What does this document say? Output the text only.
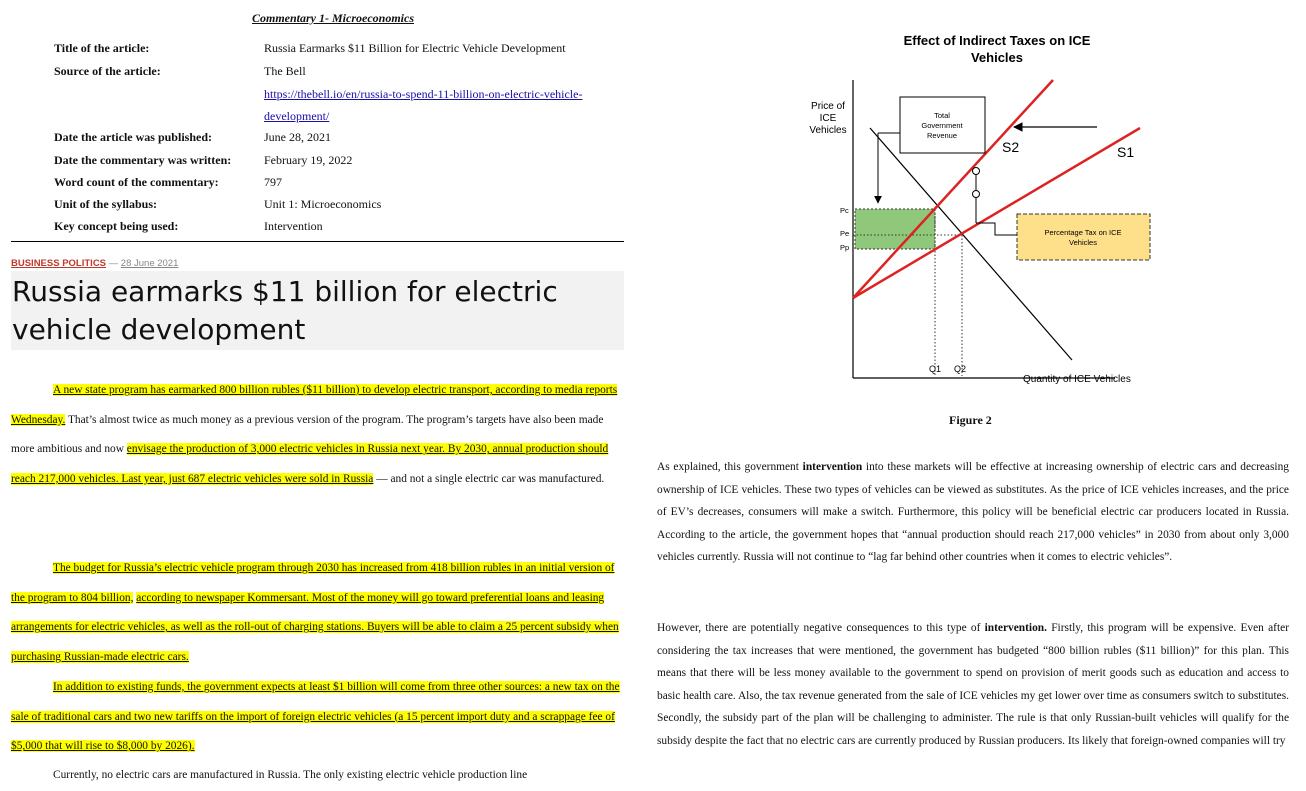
Commentary 1- Microeconomics
Title of the article:	Russia Earmarks $11 Billion for Electric Vehicle Development
Source of the article:	The Bell
https://thebell.io/en/russia-to-spend-11-billion-on-electric-vehicle-
development/
Date the article was published:	June 28, 2021
Date the commentary was written:	February 19, 2022
Word count of the commentary:	797
Unit of the syllabus:	Unit 1: Microeconomics
Key concept being used:	Intervention
BUSINESS POLITICS — 28 June 2021
Russia earmarks $11 billion for electric vehicle development
A new state program has earmarked 800 billion rubles ($11 billion) to develop electric transport, according to media reports Wednesday. That’s almost twice as much money as a previous version of the program. The program’s targets have also been made more ambitious and now envisage the production of 3,000 electric vehicles in Russia next year. By 2030, annual production should reach 217,000 vehicles. Last year, just 687 electric vehicles were sold in Russia — and not a single electric car was manufactured.
The budget for Russia’s electric vehicle program through 2030 has increased from 418 billion rubles in an initial version of the program to 804 billion, according to newspaper Kommersant. Most of the money will go toward preferential loans and leasing arrangements for electric vehicles, as well as the roll-out of charging stations. Buyers will be able to claim a 25 percent subsidy when purchasing Russian-made electric cars.
In addition to existing funds, the government expects at least $1 billion will come from three other sources: a new tax on the sale of traditional cars and two new tariffs on the import of foreign electric vehicles (a 15 percent import duty and a scrappage fee of $5,000 that will rise to $8,000 by 2026).
Currently, no electric cars are manufactured in Russia. The only existing electric vehicle production line
Effect of Indirect Taxes on ICE
Vehicles
Price of
ICE
Vehicles
S2	S1
Pc
Pe
Pp
Q1 Q2
Quantity of ICE Vehicles
Total
Government
Revenue
Percentage Tax on ICE
Vehicles
Figure 2
As explained, this government intervention into these markets will be effective at increasing ownership of electric cars and decreasing ownership of ICE vehicles. These two types of vehicles can be viewed as substitutes. As the price of ICE vehicles increases, and the price of EV’s decreases, consumers will make a switch. Furthermore, this policy will be beneficial electric car producers located in Russia. According to the article, the government hopes that “annual production should reach 217,000 vehicles” in 2030 from about only 3,000 vehicles currently. Russia will not continue to “lag far behind other countries when it comes to electric vehicles”.
However, there are potentially negative consequences to this type of intervention. Firstly, this program will be expensive. Even after considering the tax increases that were mentioned, the government has budgeted “800 billion rubles ($11 billion)” for this plan. This means that there will be less money available to the government to spend on provision of merit goods such as education and access to basic health care. Also, the tax revenue generated from the sale of ICE vehicles my get lower over time as consumers switch to substitutes. Secondly, the subsidy part of the plan will be challenging to administer. The rule is that only Russian-built vehicles will qualify for the subsidy despite the fact that no electric cars are currently produced by Russian producers. Its likely that foreign-owned companies will try
